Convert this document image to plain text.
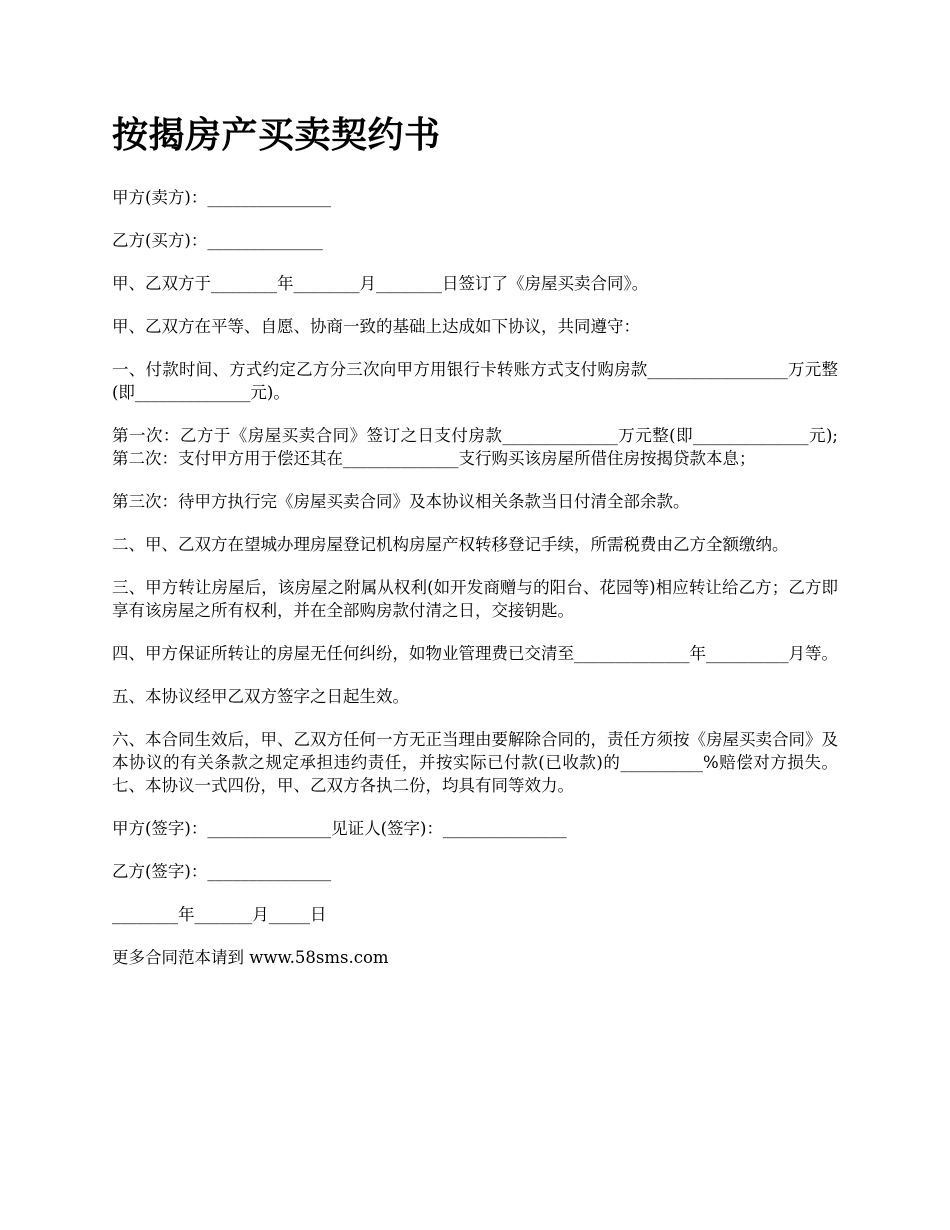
按揭房产买卖契约书

甲方(卖方)：_______________

乙方(买方)：______________

甲、乙双方于________年________月________日签订了《房屋买卖合同》。

甲、乙双方在平等、自愿、协商一致的基础上达成如下协议，共同遵守：

一、付款时间、方式约定乙方分三次向甲方用银行卡转账方式支付购房款_________________万元整(即______________元)。

第一次：乙方于《房屋买卖合同》签订之日支付房款______________万元整(即______________元);第二次：支付甲方用于偿还其在______________支行购买该房屋所借住房按揭贷款本息；

第三次：待甲方执行完《房屋买卖合同》及本协议相关条款当日付清全部余款。

二、甲、乙双方在望城办理房屋登记机构房屋产权转移登记手续，所需税费由乙方全额缴纳。

三、甲方转让房屋后，该房屋之附属从权利(如开发商赠与的阳台、花园等)相应转让给乙方；乙方即享有该房屋之所有权利，并在全部购房款付清之日，交接钥匙。

四、甲方保证所转让的房屋无任何纠纷，如物业管理费已交清至______________年__________月等。

五、本协议经甲乙双方签字之日起生效。

六、本合同生效后，甲、乙双方任何一方无正当理由要解除合同的，责任方须按《房屋买卖合同》及本协议的有关条款之规定承担违约责任，并按实际已付款(已收款)的__________%赔偿对方损失。七、本协议一式四份，甲、乙双方各执二份，均具有同等效力。

甲方(签字)：_______________见证人(签字)：_______________

乙方(签字)：_______________

________年_______月_____日

更多合同范本请到 www.58sms.com
